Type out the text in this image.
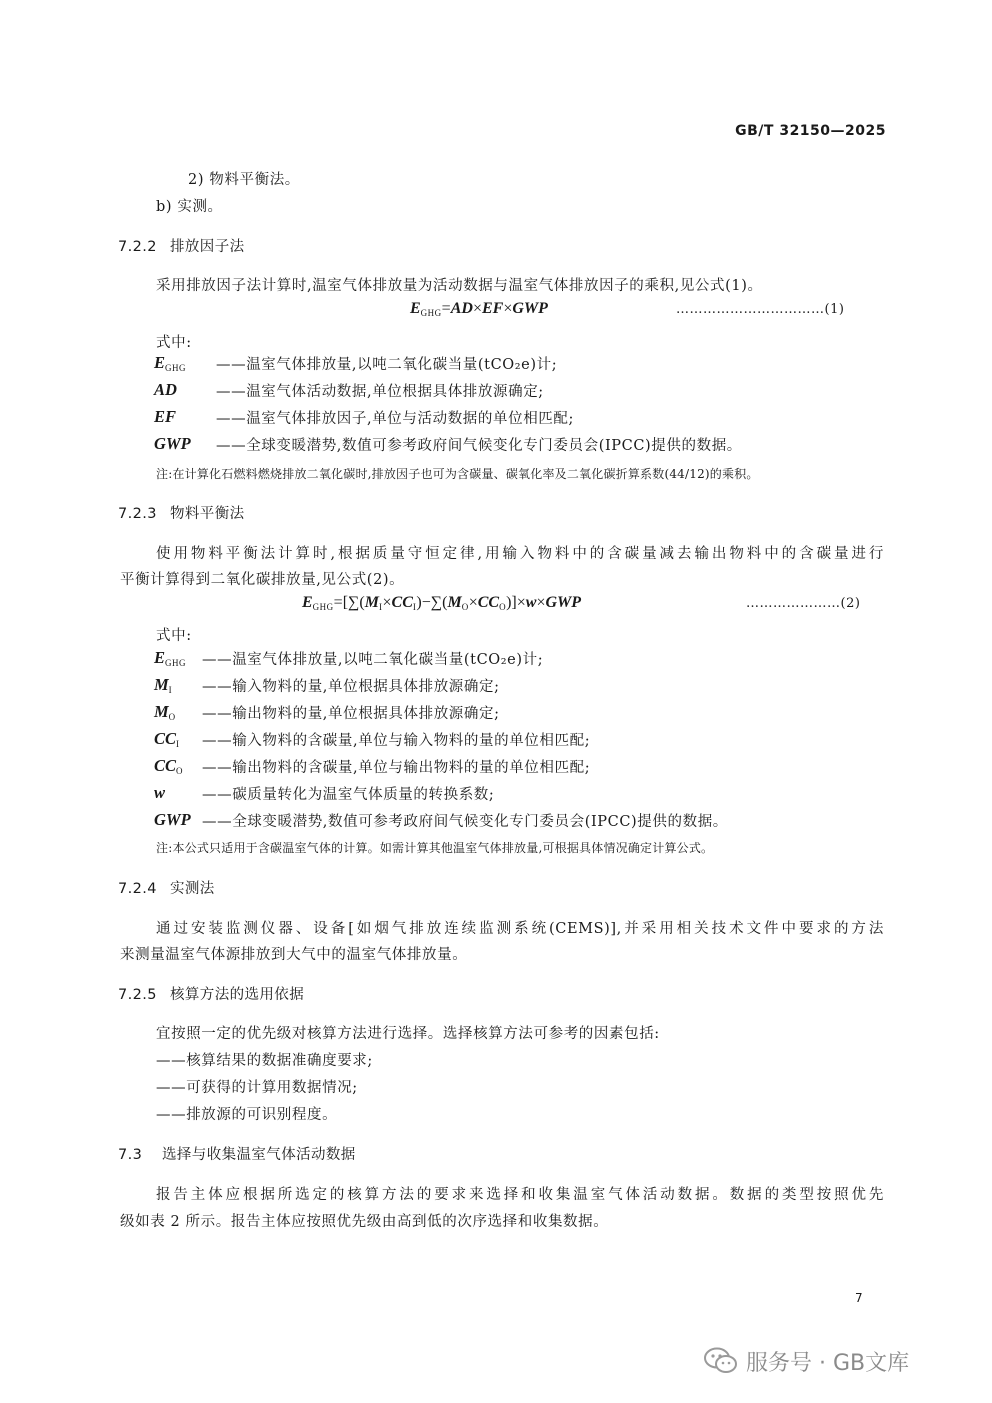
GB/T 32150—2025
2) 物料平衡法。
b) 实测。
7.2.2 排放因子法
采用排放因子法计算时,温室气体排放量为活动数据与温室气体排放因子的乘积,见公式(1)。
$E_{GHG}=AD\times EF\times GWP$	……………………………(1)
式中:
$E_{GHG}$ ——温室气体排放量,以吨二氧化碳当量(tCO₂e)计;
AD	——温室气体活动数据,单位根据具体排放源确定;
EF	——温室气体排放因子,单位与活动数据的单位相匹配;
GWP ——全球变暖潜势,数值可参考政府间气候变化专门委员会(IPCC)提供的数据。
注:在计算化石燃料燃烧排放二氧化碳时,排放因子也可为含碳量、碳氧化率及二氧化碳折算系数(44/12)的乘积。
7.2.3 物料平衡法
使用物料平衡法计算时,根据质量守恒定律,用输入物料中的含碳量减去输出物料中的含碳量进行
平衡计算得到二氧化碳排放量,见公式(2)。
$E_{GHG}=[\sum(M_I\times CC_I)-\sum(M_O\times CC_O)]\times w\times GWP$	…………………(2)
式中:
$E_{GHG}$ ——温室气体排放量,以吨二氧化碳当量(tCO₂e)计;
$M_I$ ——输入物料的量,单位根据具体排放源确定;
$M_O$ ——输出物料的量,单位根据具体排放源确定;
$CC_I$ ——输入物料的含碳量,单位与输入物料的量的单位相匹配;
$CC_O$ ——输出物料的含碳量,单位与输出物料的量的单位相匹配;
w	——碳质量转化为温室气体质量的转换系数;
GWP ——全球变暖潜势,数值可参考政府间气候变化专门委员会(IPCC)提供的数据。
注:本公式只适用于含碳温室气体的计算。如需计算其他温室气体排放量,可根据具体情况确定计算公式。
7.2.4 实测法
通过安装监测仪器、设备[如烟气排放连续监测系统(CEMS)],并采用相关技术文件中要求的方法
来测量温室气体源排放到大气中的温室气体排放量。
7.2.5 核算方法的选用依据
宜按照一定的优先级对核算方法进行选择。选择核算方法可参考的因素包括:
——核算结果的数据准确度要求;
——可获得的计算用数据情况;
——排放源的可识别程度。
7.3 选择与收集温室气体活动数据
报告主体应根据所选定的核算方法的要求来选择和收集温室气体活动数据。数据的类型按照优先
级如表 2 所示。报告主体应按照优先级由高到低的次序选择和收集数据。
7
服务号 · GB文库
